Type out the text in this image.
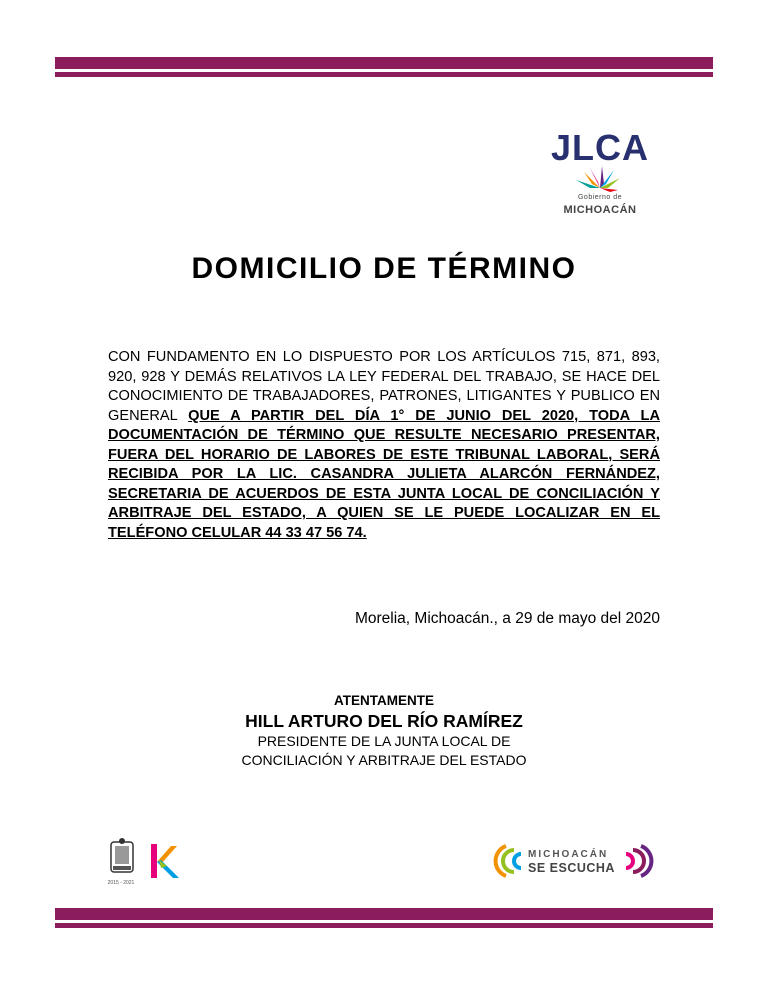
JLCA
Gobierno de
MICHOACÁN
DOMICILIO DE TÉRMINO
CON FUNDAMENTO EN LO DISPUESTO POR LOS ARTÍCULOS 715, 871, 893, 920, 928 Y DEMÁS RELATIVOS LA LEY FEDERAL DEL TRABAJO, SE HACE DEL CONOCIMIENTO DE TRABAJADORES, PATRONES, LITIGANTES Y PUBLICO EN GENERAL QUE A PARTIR DEL DÍA 1° DE JUNIO DEL 2020, TODA LA DOCUMENTACIÓN DE TÉRMINO QUE RESULTE NECESARIO PRESENTAR, FUERA DEL HORARIO DE LABORES DE ESTE TRIBUNAL LABORAL, SERÁ RECIBIDA POR LA LIC. CASANDRA JULIETA ALARCÓN FERNÁNDEZ, SECRETARIA DE ACUERDOS DE ESTA JUNTA LOCAL DE CONCILIACIÓN Y ARBITRAJE DEL ESTADO, A QUIEN SE LE PUEDE LOCALIZAR EN EL TELÉFONO CELULAR 44 33 47 56 74.
Morelia, Michoacán., a 29 de mayo del 2020
ATENTAMENTE
HILL ARTURO DEL RÍO RAMÍREZ
PRESIDENTE DE LA JUNTA LOCAL DE
CONCILIACIÓN Y ARBITRAJE DEL ESTADO
2015 - 2021
MICHOACÁN
SE ESCUCHA
